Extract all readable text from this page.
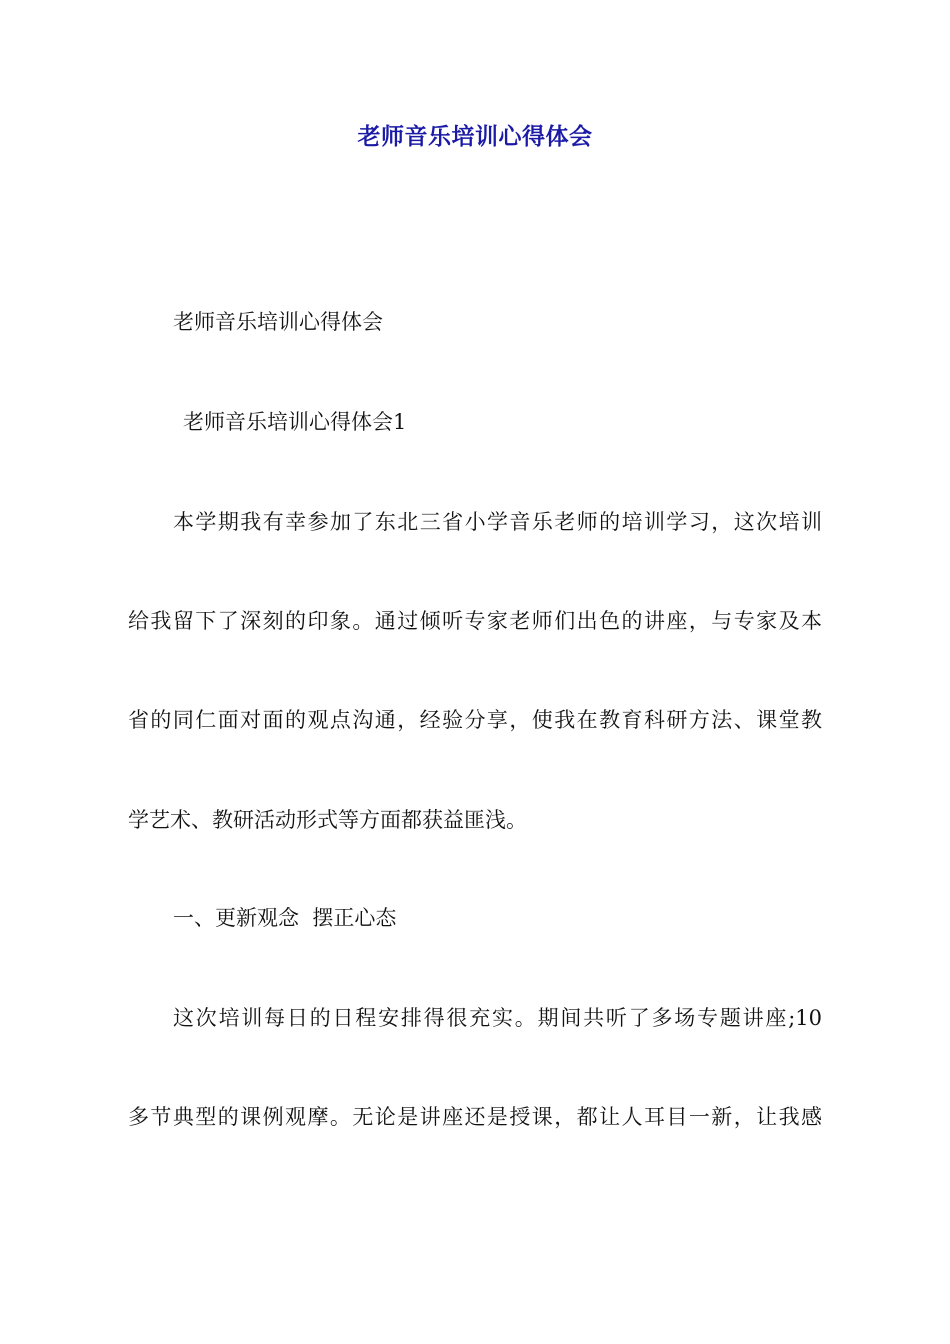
老师音乐培训心得体会

老师音乐培训心得体会

老师音乐培训心得体会1

本学期我有幸参加了东北三省小学音乐老师的培训学习，这次培训

给我留下了深刻的印象。通过倾听专家老师们出色的讲座，与专家及本

省的同仁面对面的观点沟通，经验分享，使我在教育科研方法、课堂教

学艺术、教研活动形式等方面都获益匪浅。

一、更新观念  摆正心态

这次培训每日的日程安排得很充实。期间共听了多场专题讲座;10

多节典型的课例观摩。无论是讲座还是授课，都让人耳目一新，让我感
